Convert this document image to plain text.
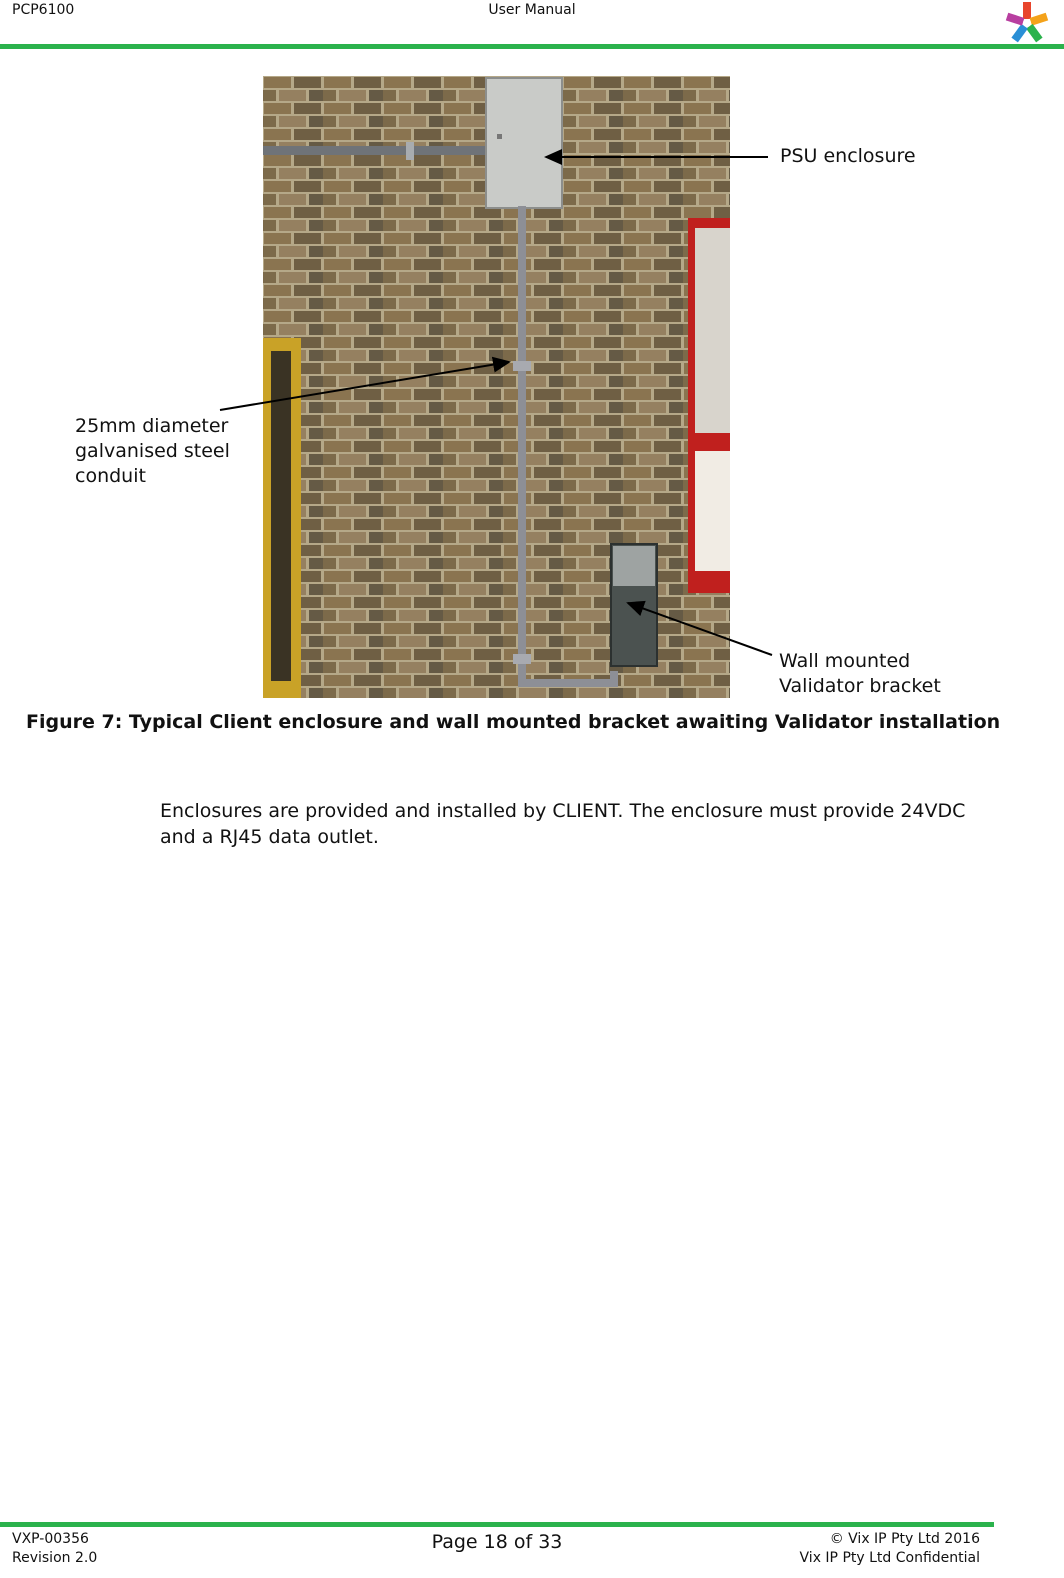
PCP6100	User Manual
PSU enclosure
25mm diameter
galvanised steel
conduit
Wall mounted
Validator bracket
Figure 7: Typical Client enclosure and wall mounted bracket awaiting Validator installation
Enclosures are provided and installed by CLIENT. The enclosure must provide 24VDC and a RJ45 data outlet.
VXP-00356
Revision 2.0
Page 18 of 33	© Vix IP Pty Ltd 2016
Vix IP Pty Ltd Confidential
